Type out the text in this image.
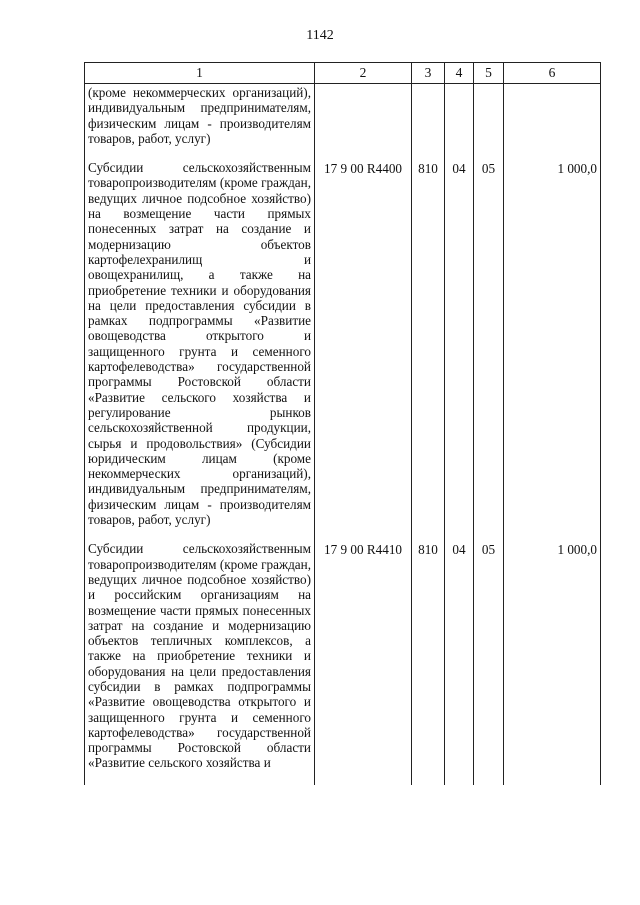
1142
1	2	3	4	5	6
(кроме некоммерческих организаций), индивидуальным предпринимателям, физическим лицам - производителям товаров, работ, услуг)					
Субсидии сельскохозяйственным товаропроизводителям (кроме граждан, ведущих личное подсобное хозяйство) на возмещение части прямых понесенных затрат на создание и модернизацию объектов картофелехранилищ и овощехранилищ, а также на приобретение техники и оборудования на цели предоставления субсидии в рамках подпрограммы «Развитие овощеводства открытого и защищенного грунта и семенного картофелеводства» государственной программы Ростовской области «Развитие сельского хозяйства и регулирование рынков сельскохозяйственной продукции, сырья и продовольствия» (Субсидии юридическим лицам (кроме некоммерческих организаций), индивидуальным предпринимателям, физическим лицам - производителям товаров, работ, услуг)	17 9 00 R4400	810	04	05	1 000,0
Субсидии сельскохозяйственным товаропроизводителям (кроме граждан, ведущих личное подсобное хозяйство) и российским организациям на возмещение части прямых понесенных затрат на создание и модернизацию объектов тепличных комплексов, а также на приобретение техники и оборудования на цели предоставления субсидии в рамках подпрограммы «Развитие овощеводства открытого и защищенного грунта и семенного картофелеводства» государственной программы Ростовской области «Развитие сельского хозяйства и	17 9 00 R4410	810	04	05	1 000,0
